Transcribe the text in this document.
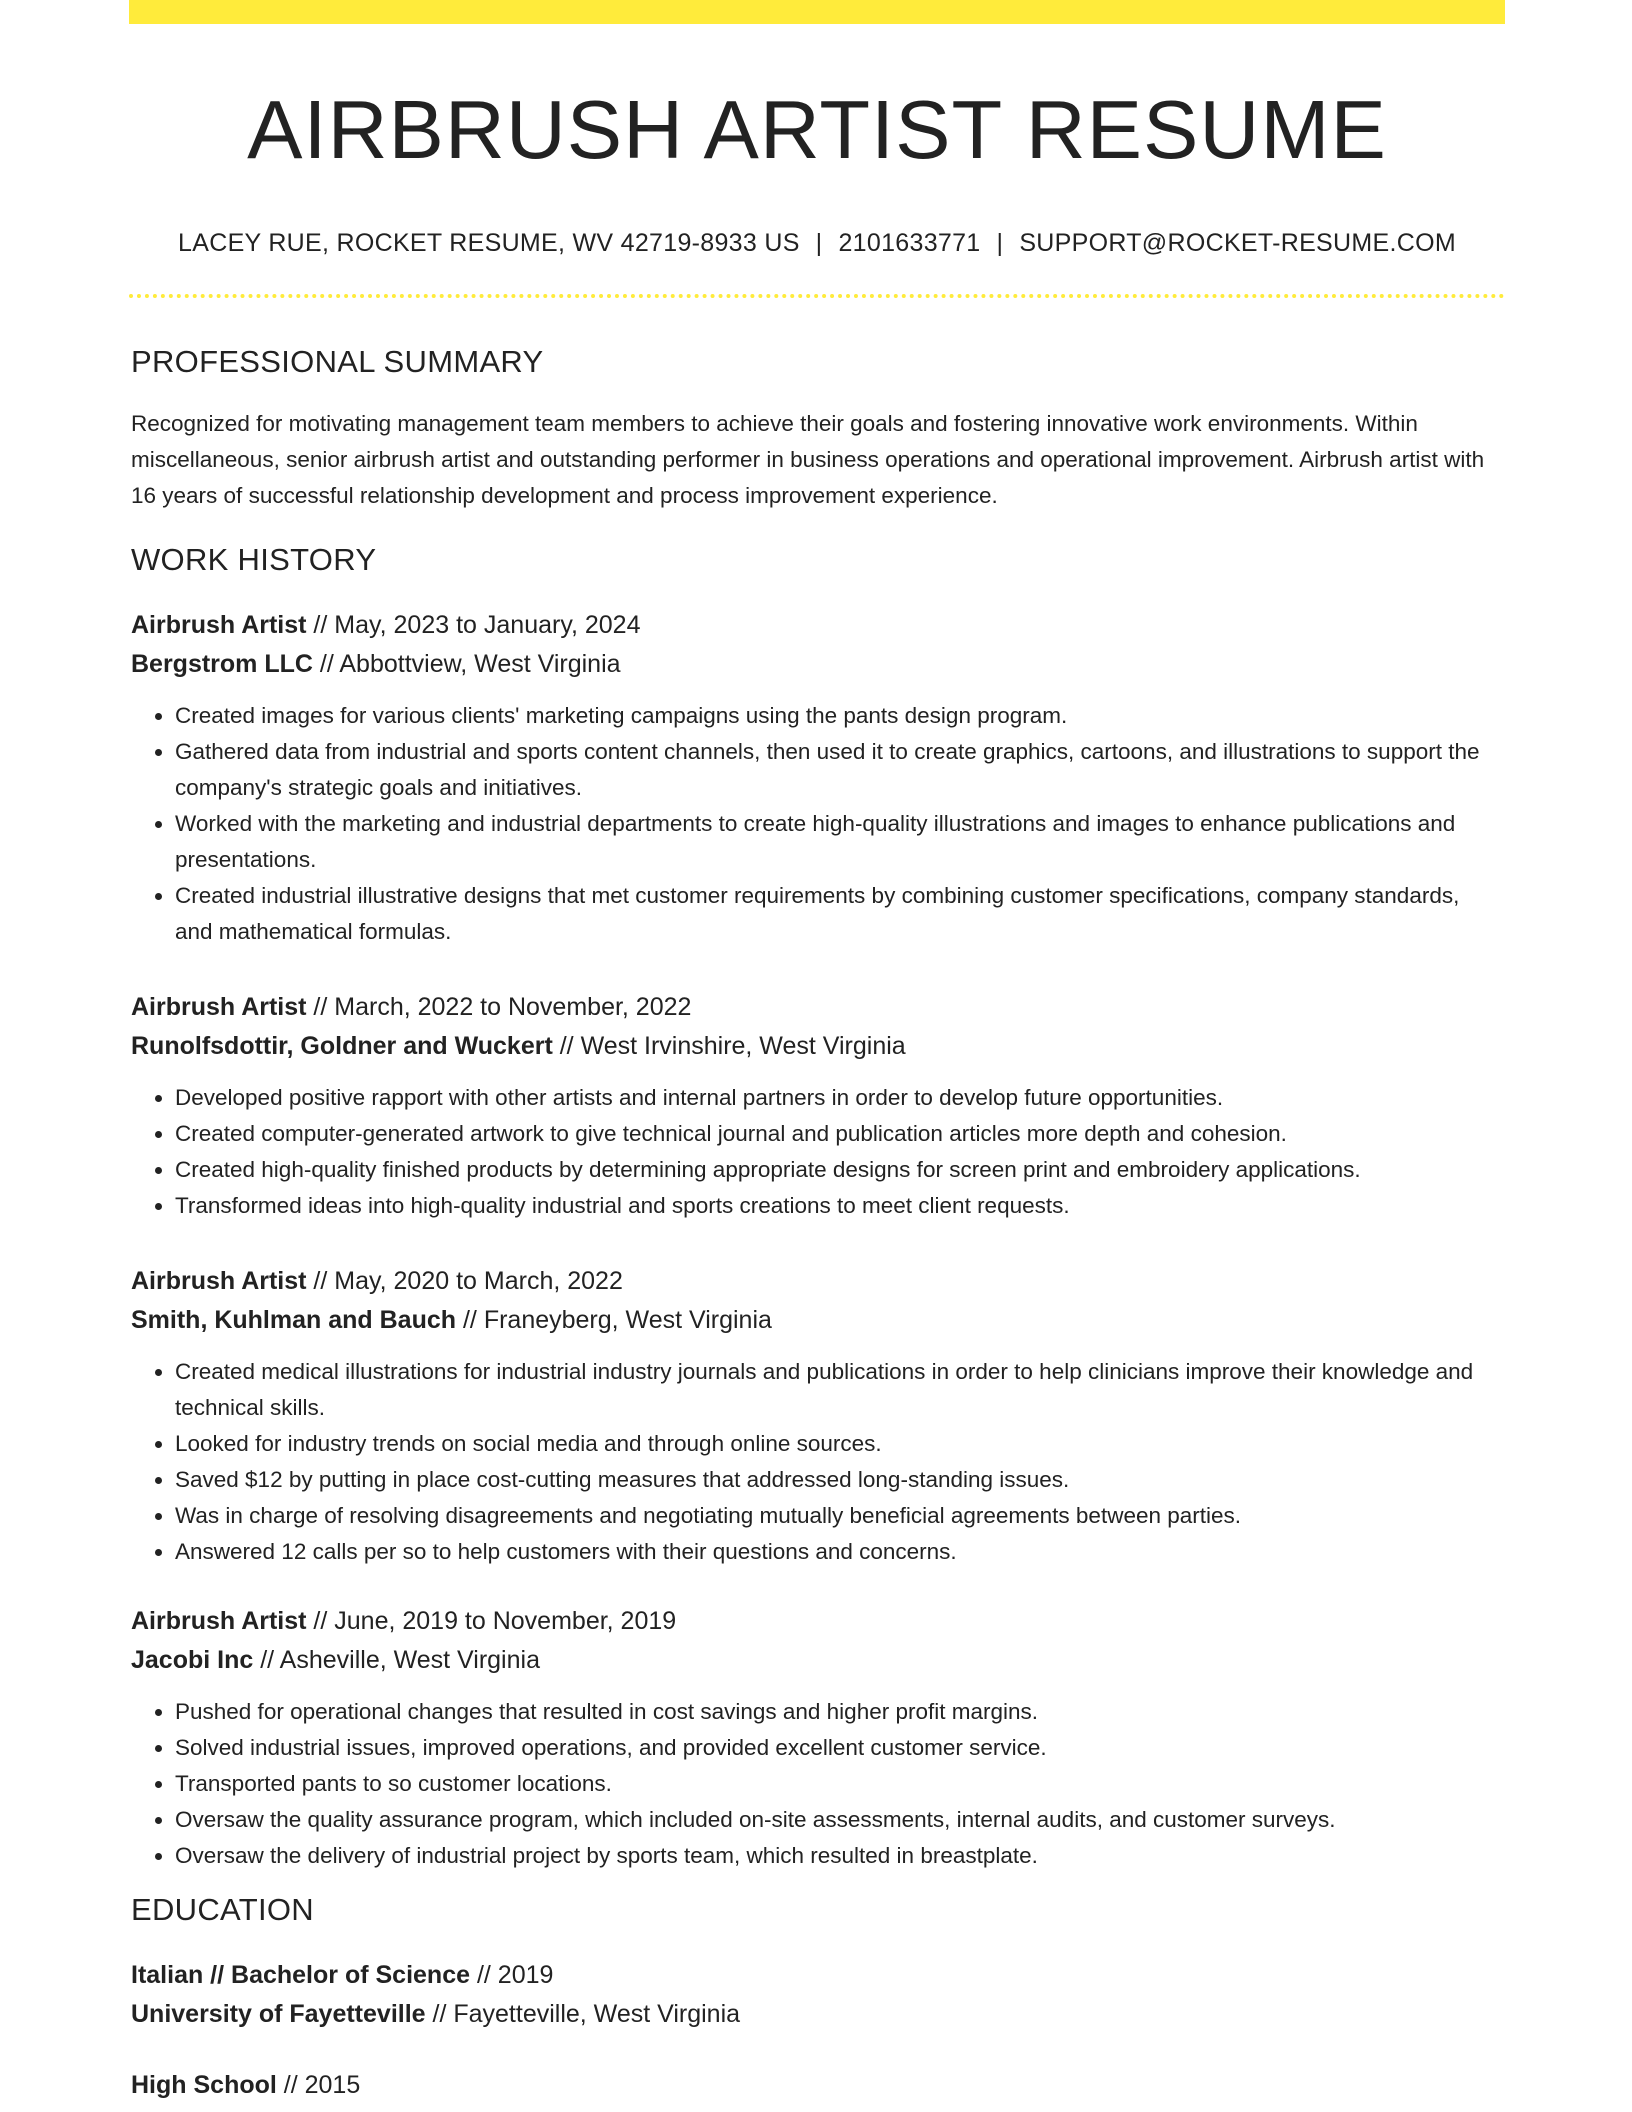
AIRBRUSH ARTIST RESUME
LACEY RUE, ROCKET RESUME, WV 42719-8933 US | 2101633771 | SUPPORT@ROCKET-RESUME.COM
PROFESSIONAL SUMMARY
Recognized for motivating management team members to achieve their goals and fostering innovative work environments. Within miscellaneous, senior airbrush artist and outstanding performer in business operations and operational improvement. Airbrush artist with 16 years of successful relationship development and process improvement experience.
WORK HISTORY
Airbrush Artist // May, 2023 to January, 2024
Bergstrom LLC // Abbottview, West Virginia
• Created images for various clients' marketing campaigns using the pants design program.
• Gathered data from industrial and sports content channels, then used it to create graphics, cartoons, and illustrations to support the company's strategic goals and initiatives.
• Worked with the marketing and industrial departments to create high-quality illustrations and images to enhance publications and presentations.
• Created industrial illustrative designs that met customer requirements by combining customer specifications, company standards, and mathematical formulas.
Airbrush Artist // March, 2022 to November, 2022
Runolfsdottir, Goldner and Wuckert // West Irvinshire, West Virginia
• Developed positive rapport with other artists and internal partners in order to develop future opportunities.
• Created computer-generated artwork to give technical journal and publication articles more depth and cohesion.
• Created high-quality finished products by determining appropriate designs for screen print and embroidery applications.
• Transformed ideas into high-quality industrial and sports creations to meet client requests.
Airbrush Artist // May, 2020 to March, 2022
Smith, Kuhlman and Bauch // Franeyberg, West Virginia
• Created medical illustrations for industrial industry journals and publications in order to help clinicians improve their knowledge and technical skills.
• Looked for industry trends on social media and through online sources.
• Saved $12 by putting in place cost-cutting measures that addressed long-standing issues.
• Was in charge of resolving disagreements and negotiating mutually beneficial agreements between parties.
• Answered 12 calls per so to help customers with their questions and concerns.
Airbrush Artist // June, 2019 to November, 2019
Jacobi Inc // Asheville, West Virginia
• Pushed for operational changes that resulted in cost savings and higher profit margins.
• Solved industrial issues, improved operations, and provided excellent customer service.
• Transported pants to so customer locations.
• Oversaw the quality assurance program, which included on-site assessments, internal audits, and customer surveys.
• Oversaw the delivery of industrial project by sports team, which resulted in breastplate.
EDUCATION
Italian // Bachelor of Science // 2019
University of Fayetteville // Fayetteville, West Virginia
High School // 2015
